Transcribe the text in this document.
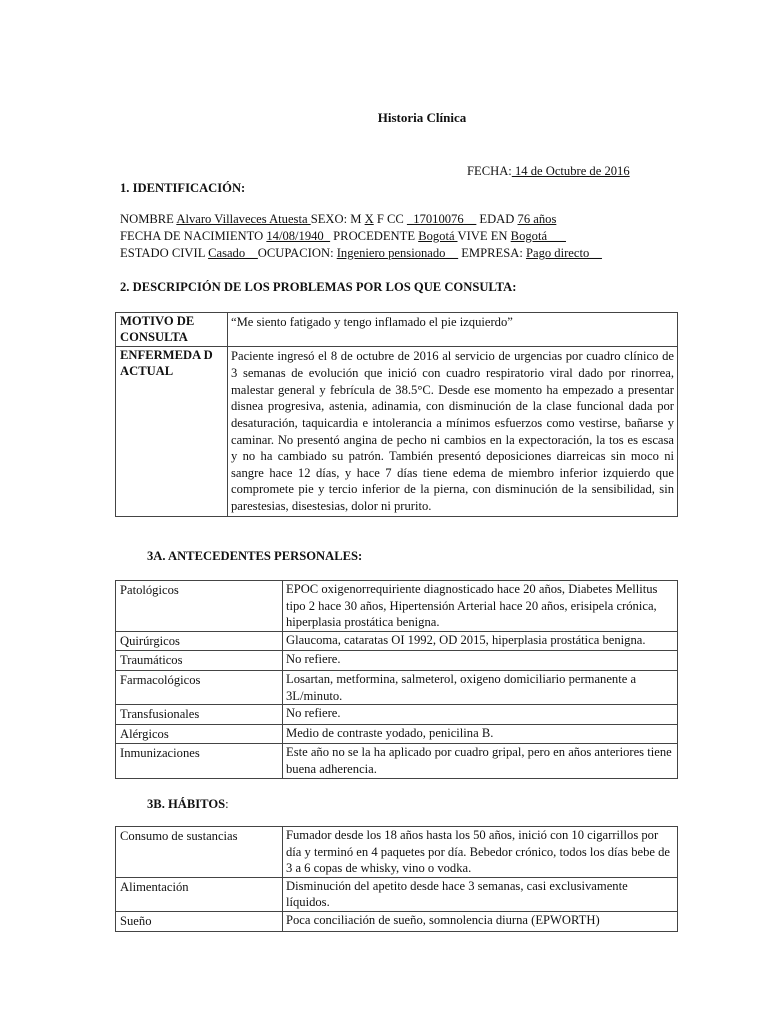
Historia Clínica
FECHA: 14 de Octubre de 2016
1. IDENTIFICACIÓN:
NOMBRE Alvaro Villaveces Atuesta SEXO: M X F CC _17010076__ EDAD 76 años
FECHA DE NACIMIENTO 14/08/1940_ PROCEDENTE Bogotá VIVE EN Bogotá___
ESTADO CIVIL Casado__OCUPACION: Ingeniero pensionado__ EMPRESA: Pago directo__
2. DESCRIPCIÓN DE LOS PROBLEMAS POR LOS QUE CONSULTA:
MOTIVO DE CONSULTA	“Me siento fatigado y tengo inflamado el pie izquierdo”
ENFERMEDA D ACTUAL	Paciente ingresó el 8 de octubre de 2016 al servicio de urgencias por cuadro clínico de 3 semanas de evolución que inició con cuadro respiratorio viral dado por rinorrea, malestar general y febrícula de 38.5°C. Desde ese momento ha empezado a presentar disnea progresiva, astenia, adinamia, con disminución de la clase funcional dada por desaturación, taquicardia e intolerancia a mínimos esfuerzos como vestirse, bañarse y caminar. No presentó angina de pecho ni cambios en la expectoración, la tos es escasa y no ha cambiado su patrón. También presentó deposiciones diarreicas sin moco ni sangre hace 12 días, y hace 7 días tiene edema de miembro inferior izquierdo que compromete pie y tercio inferior de la pierna, con disminución de la sensibilidad, sin parestesias, disestesias, dolor ni prurito.
3A. ANTECEDENTES PERSONALES:
Patológicos	EPOC oxigenorrequiriente diagnosticado hace 20 años, Diabetes Mellitus tipo 2 hace 30 años, Hipertensión Arterial hace 20 años, erisipela crónica, hiperplasia prostática benigna.
Quirúrgicos	Glaucoma, cataratas OI 1992, OD 2015, hiperplasia prostática benigna.
Traumáticos	No refiere.
Farmacológicos	Losartan, metformina, salmeterol, oxigeno domiciliario permanente a 3L/minuto.
Transfusionales	No refiere.
Alérgicos	Medio de contraste yodado, penicilina B.
Inmunizaciones	Este año no se la ha aplicado por cuadro gripal, pero en años anteriores tiene buena adherencia.
3B. HÁBITOS:
Consumo de sustancias	Fumador desde los 18 años hasta los 50 años, inició con 10 cigarrillos por día y terminó en 4 paquetes por día. Bebedor crónico, todos los días bebe de 3 a 6 copas de whisky, vino o vodka.
Alimentación	Disminución del apetito desde hace 3 semanas, casi exclusivamente líquidos.
Sueño	Poca conciliación de sueño, somnolencia diurna (EPWORTH)
